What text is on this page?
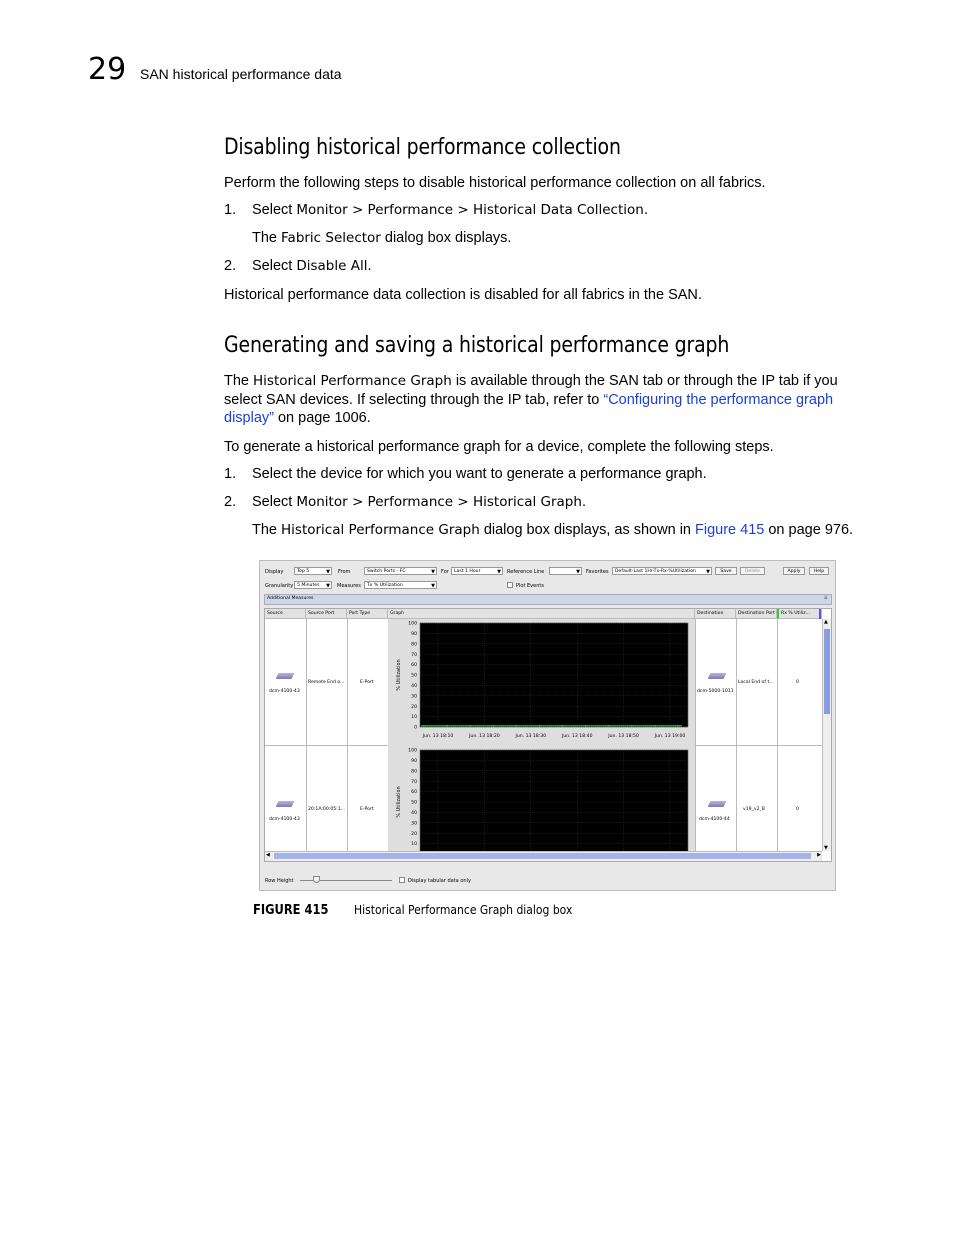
29 SAN historical performance data
Disabling historical performance collection

Perform the following steps to disable historical performance collection on all fabrics.

1. Select Monitor > Performance > Historical Data Collection.
The Fabric Selector dialog box displays.
2. Select Disable All.

Historical performance data collection is disabled for all fabrics in the SAN.

Generating and saving a historical performance graph

The Historical Performance Graph is available through the SAN tab or through the IP tab if you select SAN devices. If selecting through the IP tab, refer to “Configuring the performance graph display” on page 1006.

To generate a historical performance graph for a device, complete the following steps.

1. Select the device for which you want to generate a performance graph.
2. Select Monitor > Performance > Historical Graph.
The Historical Performance Graph dialog box displays, as shown in Figure 415 on page 976.
Display	Top 5 ▼	From	Switch Ports - FC ▼	For	Last 1 Hour ▼	Reference Line
▼	Favorites	Default-Last 1Hr-Tx-Rx-%Utilization ▼	Save	Delete	Apply	Help
Granularity 5 Minutes ▼	Measures	Tx % Utilization ▼	Plot Events
Additional Measures	⇊
Source	Source Port	Port Type	Graph	Destination	Destination Port	Rx % Utiliz...
dcm-4100-43
Remote End o...	E-Port
dcm-5000-1011
Local End of t...	0
dcm-4100-43
20:1A:00:05:1...	E-Port
dcm-4100-44
v19_v2_B	0
100
90
80
70
60
50
40
30
20
10
0
% Utilization
Jun. 13 18:10	Jun. 13 18:20	Jun. 13 18:30	Jun. 13 18:40	Jun. 13 18:50	Jun. 13 19:00
100
90
80
70
60
50
40
30
20
10
% Utilization
▲
▼
◀	▶
Row Height	Display tabular data only
FIGURE 415 Historical Performance Graph dialog box
